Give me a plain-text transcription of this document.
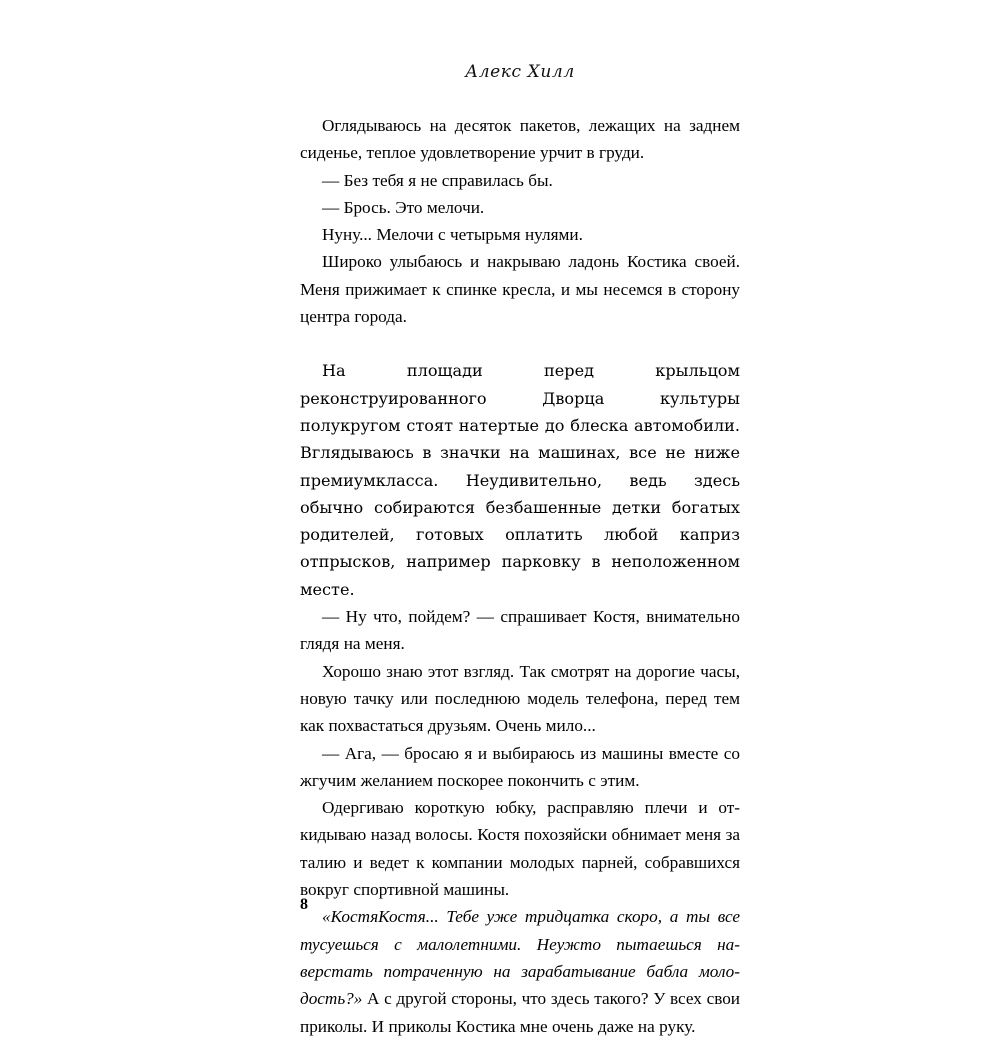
Алекс Хилл

Оглядываюсь на десяток пакетов, лежащих на заднем сиденье, теплое удовлетворение урчит в груди.

— Без тебя я не справилась бы.

— Брось. Это мелочи.

Нуну... Мелочи с четырьмя нулями.

Широко улыбаюсь и накрываю ладонь Костика своей. Меня прижимает к спинке кресла, и мы несемся в сторону центра города.

На площади перед крыльцом реконструированного Дворца культуры полукругом стоят натертые до блеска автомобили. Вглядываюсь в значки на машинах, все не ниже премиумкласса. Неудивительно, ведь здесь обычно собираются безбашенные детки богатых родителей, готовых оплатить любой каприз отпрысков, например парковку в неположенном месте.

— Ну что, пойдем? — спрашивает Костя, внимательно глядя на меня.

Хорошо знаю этот взгляд. Так смотрят на дорогие часы, новую тачку или последнюю модель телефона, перед тем как похвастаться друзьям. Очень мило...

— Ага, — бросаю я и выбираюсь из машины вместе со жгучим желанием поскорее покончить с этим.

Одергиваю короткую юбку, расправляю плечи и откидываю назад волосы. Костя похозяйски обнимает меня за талию и ведет к компании молодых парней, собравшихся вокруг спортивной машины.

«КостяКостя... Тебе уже тридцатка скоро, а ты все тусуешься с малолетними. Неужто пытаешься наверстать потраченную на зарабатывание бабла молодость?» А с другой стороны, что здесь такого? У всех свои приколы. И приколы Костика мне очень даже на руку.

8
